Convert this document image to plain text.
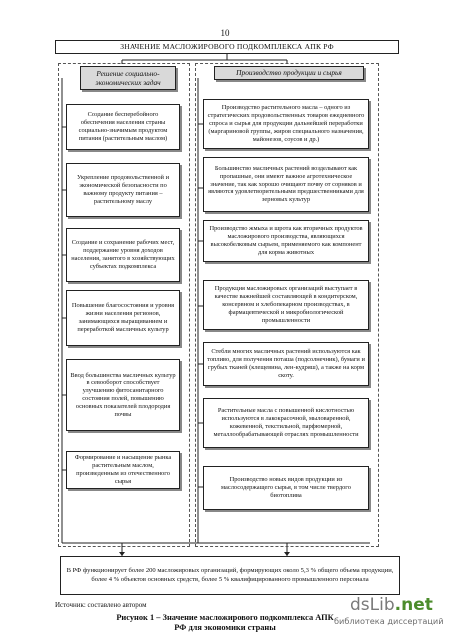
10
ЗНАЧЕНИЕ МАСЛОЖИРОВОГО ПОДКОМПЛЕКСА АПК РФ
Решение социально-экономических задач
Производство продукции и сырья
Создание бесперебойного обеспечения населения страны социально-значимым продуктом питания (растительным маслом)
Укрепление продовольственной и экономической безопасности по важному продукту питания – растительному маслу
Создание и сохранение рабочих мест, поддержание уровня доходов населения, занятого в хозяйствующих субъектах подкомплекса
Повышение благосостояния и уровня жизни населения регионов, занимающихся выращиванием и переработкой масличных культур
Ввод большинства масличных культур в севооборот способствует улучшению фитосанитарного состояния полей, повышению основных показателей плодородия почвы
Формирование и насыщение рынка растительным маслом, произведенным из отечественного сырья
Производство растительного масла – одного из стратегических продовольственных товаров ежедневного спроса и сырья для продукции дальнейшей переработки (маргариновой группы, жиров специального назначения, майонезов, соусов и др.)
Большинство масличных растений возделывают как пропашные, они имеют важное агротехническое значение, так как хорошо очищают почву от сорняков и являются удовлетворительными предшественниками для зерновых культур
Производство жмыха и шрота как вторичных продуктов масложирового производства, являющихся высокобелковым сырьем, применяемого как компонент для корма животных
Продукция масложировых организаций выступает в качестве важнейшей составляющей в кондитерском, консервном и хлебопекарном производствах, в фармацевтической и микробиологической промышленности
Стебли многих масличных растений используются как топливо, для получения поташа (подсолнечник), бумаги и грубых тканей (клещевина, лен-кудряш), а также на корм скоту.
Растительные масла с повышенной кислотностью используются в лакокрасочной, мыловаренной, кожевенной, текстильной, парфюмерной, металлообрабатывающей отраслях промышленности
Производство новых видов продукции из маслосодержащего сырья, в том числе твердого биотоплива
В РФ функционирует более 200 масложировых организаций, формирующих около 5,3 % общего объема продукции, более 4 % объектов основных средств, более 5 % квалифицированного промышленного персонала
Источник: составлено автором
Рисунок 1 – Значение масложирового подкомплекса АПК
РФ для экономики страны
dsLib.net
библиотека диссертаций
